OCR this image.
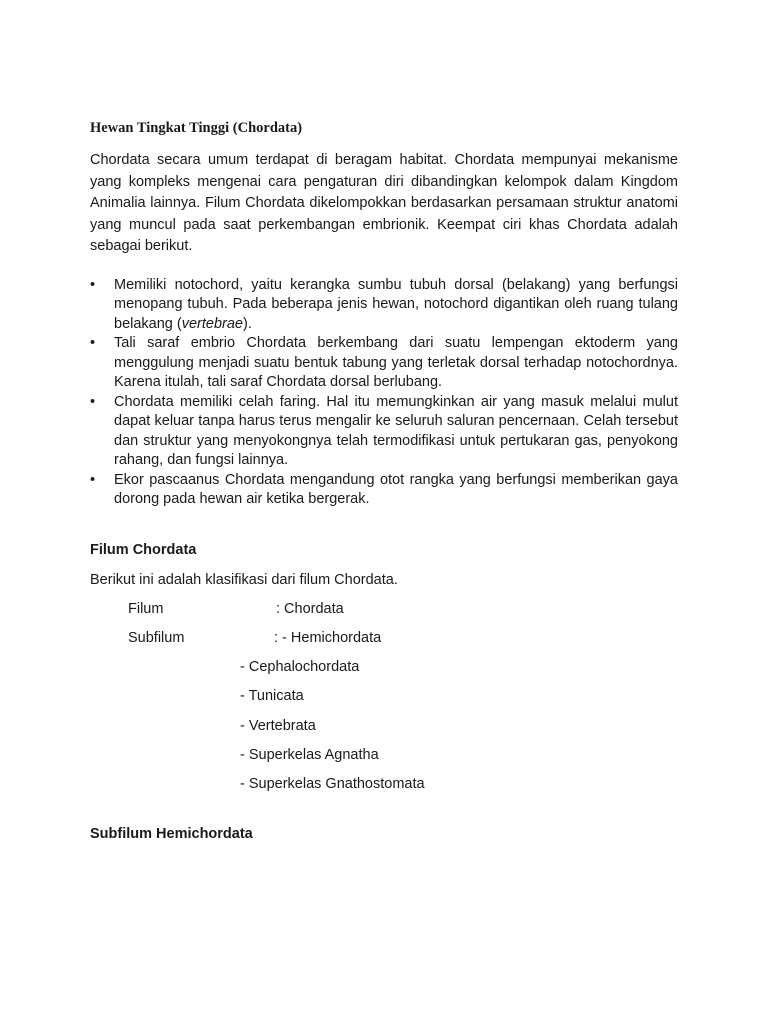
Hewan Tingkat Tinggi (Chordata)

Chordata secara umum terdapat di beragam habitat. Chordata mempunyai mekanisme yang kompleks mengenai cara pengaturan diri dibandingkan kelompok dalam Kingdom Animalia lainnya. Filum Chordata dikelompokkan berdasarkan persamaan struktur anatomi yang muncul pada saat perkembangan embrionik. Keempat ciri khas Chordata adalah sebagai berikut.

• Memiliki notochord, yaitu kerangka sumbu tubuh dorsal (belakang) yang berfungsi menopang tubuh. Pada beberapa jenis hewan, notochord digantikan oleh ruang tulang belakang (vertebrae).
• Tali saraf embrio Chordata berkembang dari suatu lempengan ektoderm yang menggulung menjadi suatu bentuk tabung yang terletak dorsal terhadap notochordnya. Karena itulah, tali saraf Chordata dorsal berlubang.
• Chordata memiliki celah faring. Hal itu memungkinkan air yang masuk melalui mulut dapat keluar tanpa harus terus mengalir ke seluruh saluran pencernaan. Celah tersebut dan struktur yang menyokongnya telah termodifikasi untuk pertukaran gas, penyokong rahang, dan fungsi lainnya.
• Ekor pascaanus Chordata mengandung otot rangka yang berfungsi memberikan gaya dorong pada hewan air ketika bergerak.
Filum Chordata
Berikut ini adalah klasifikasi dari filum Chordata.
Filum	: Chordata
Subfilum	: - Hemichordata
- Cephalochordata
- Tunicata
- Vertebrata
- Superkelas Agnatha
- Superkelas Gnathostomata
Subfilum Hemichordata
